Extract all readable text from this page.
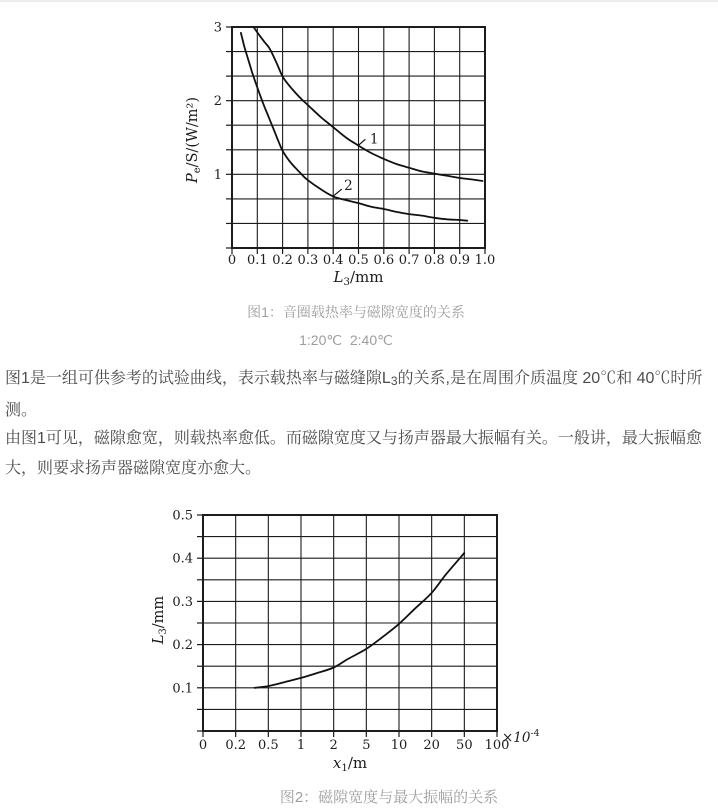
0 0.1 0.2 0.3 0.4 0.5 0.6 0.7 0.8 0.9 1.0
1
2
3
1
2
$L_3/mm$
$P_e/S/(W/m^2)$

图1：音圈载热率与磁隙宽度的关系

1:20℃  2:40℃

图1是一组可供参考的试验曲线，表示载热率与磁缝隙$L_3$的关系,是在周围介质温度 20℃和 40℃时所测。

由图1可见，磁隙愈宽，则载热率愈低。而磁隙宽度又与扬声器最大振幅有关。一般讲，最大振幅愈大，则要求扬声器磁隙宽度亦愈大。

0 0.2 0.5 1 2 5 10 20 50 100
0.1
0.2
0.3
0.4
0.5
$x_1/m$
$L_3/mm$
$\times 10^{-4}$

图2：磁隙宽度与最大振幅的关系
